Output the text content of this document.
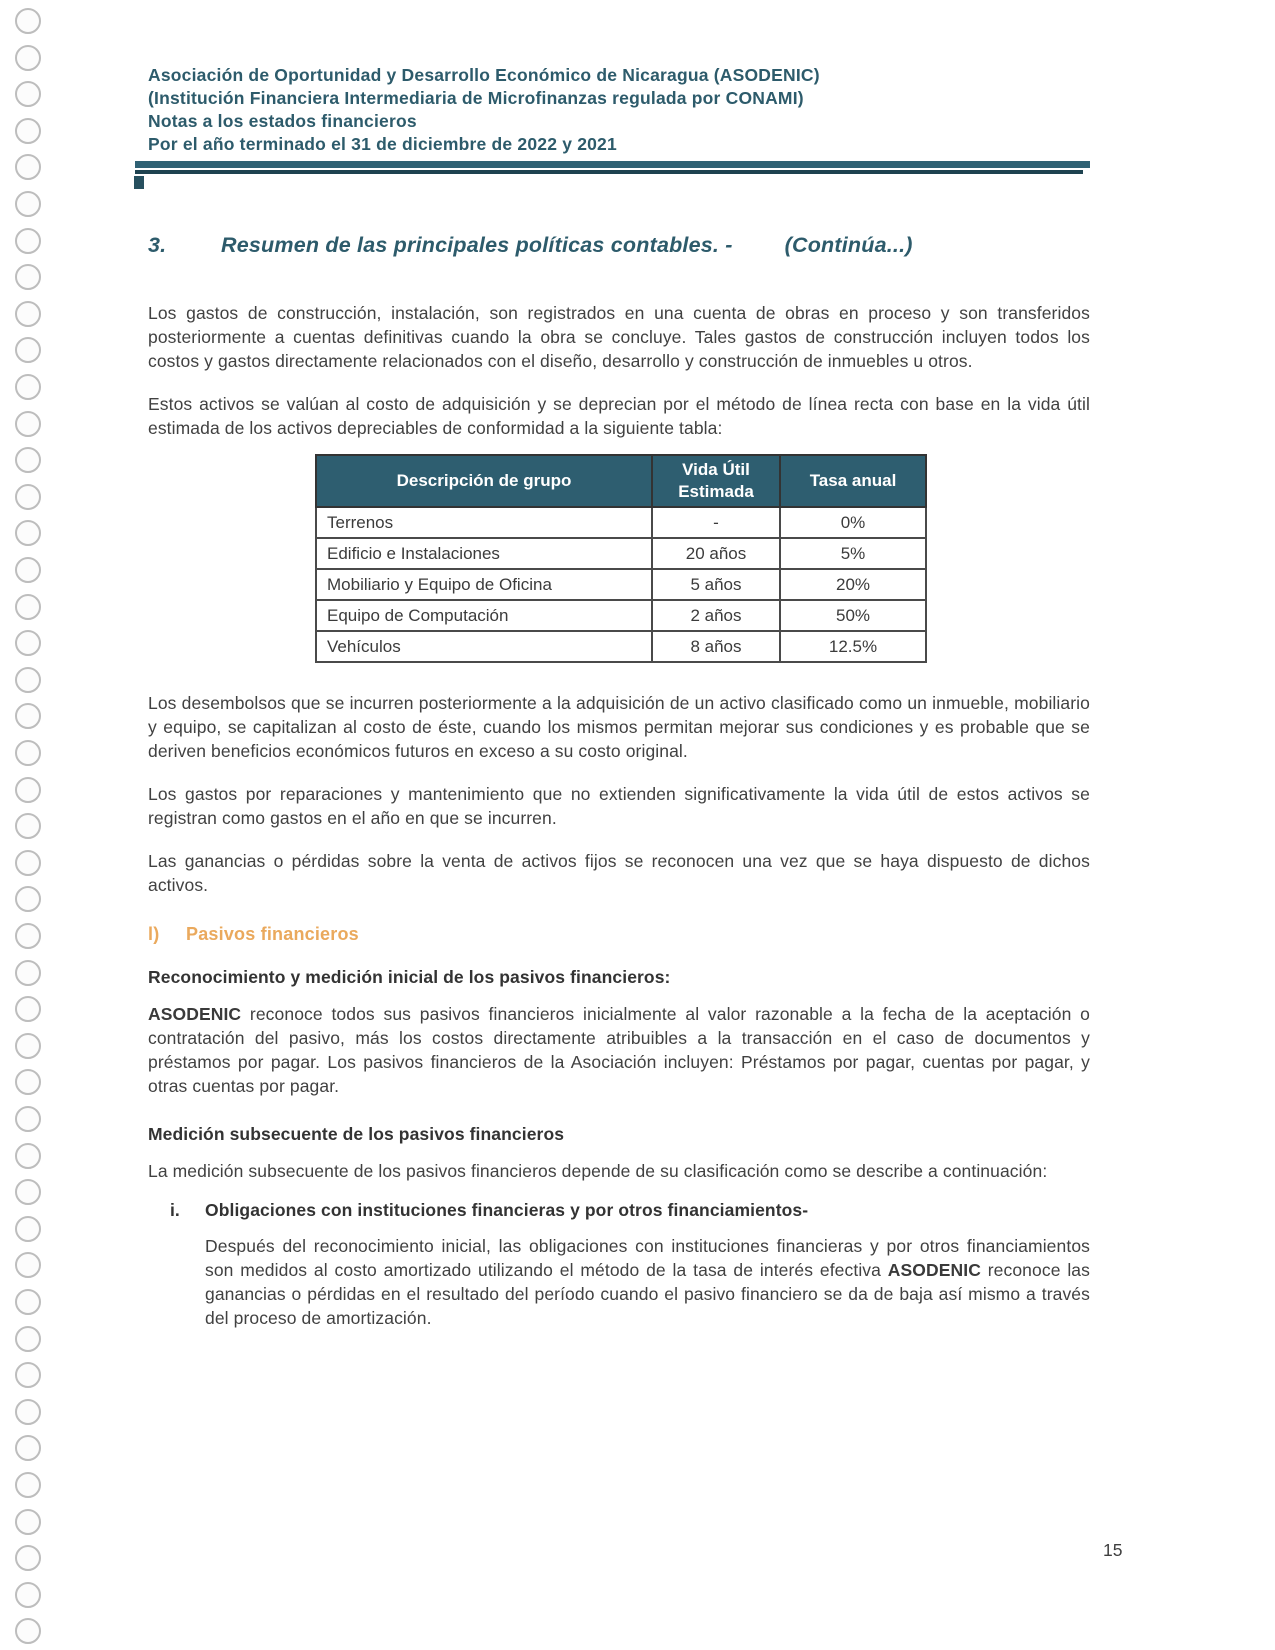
Asociación de Oportunidad y Desarrollo Económico de Nicaragua (ASODENIC)
(Institución Financiera Intermediaria de Microfinanzas regulada por CONAMI)
Notas a los estados financieros
Por el año terminado el 31 de diciembre de 2022 y 2021
3.	Resumen de las principales políticas contables. - (Continúa...)

Los gastos de construcción, instalación, son registrados en una cuenta de obras en proceso y son transferidos posteriormente a cuentas definitivas cuando la obra se concluye. Tales gastos de construcción incluyen todos los costos y gastos directamente relacionados con el diseño, desarrollo y construcción de inmuebles u otros.

Estos activos se valúan al costo de adquisición y se deprecian por el método de línea recta con base en la vida útil estimada de los activos depreciables de conformidad a la siguiente tabla:

Descripción de grupo	Vida Útil Estimada	Tasa anual
Terrenos	-	0%
Edificio e Instalaciones	20 años	5%
Mobiliario y Equipo de Oficina	5 años	20%
Equipo de Computación	2 años	50%
Vehículos	8 años	12.5%

Los desembolsos que se incurren posteriormente a la adquisición de un activo clasificado como un inmueble, mobiliario y equipo, se capitalizan al costo de éste, cuando los mismos permitan mejorar sus condiciones y es probable que se deriven beneficios económicos futuros en exceso a su costo original.

Los gastos por reparaciones y mantenimiento que no extienden significativamente la vida útil de estos activos se registran como gastos en el año en que se incurren.

Las ganancias o pérdidas sobre la venta de activos fijos se reconocen una vez que se haya dispuesto de dichos activos.

l)	Pasivos financieros
Reconocimiento y medición inicial de los pasivos financieros:

ASODENIC reconoce todos sus pasivos financieros inicialmente al valor razonable a la fecha de la aceptación o contratación del pasivo, más los costos directamente atribuibles a la transacción en el caso de documentos y préstamos por pagar. Los pasivos financieros de la Asociación incluyen: Préstamos por pagar, cuentas por pagar, y otras cuentas por pagar.

Medición subsecuente de los pasivos financieros

La medición subsecuente de los pasivos financieros depende de su clasificación como se describe a continuación:

i.	Obligaciones con instituciones financieras y por otros financiamientos-

Después del reconocimiento inicial, las obligaciones con instituciones financieras y por otros financiamientos son medidos al costo amortizado utilizando el método de la tasa de interés efectiva ASODENIC reconoce las ganancias o pérdidas en el resultado del período cuando el pasivo financiero se da de baja así mismo a través del proceso de amortización.

15
